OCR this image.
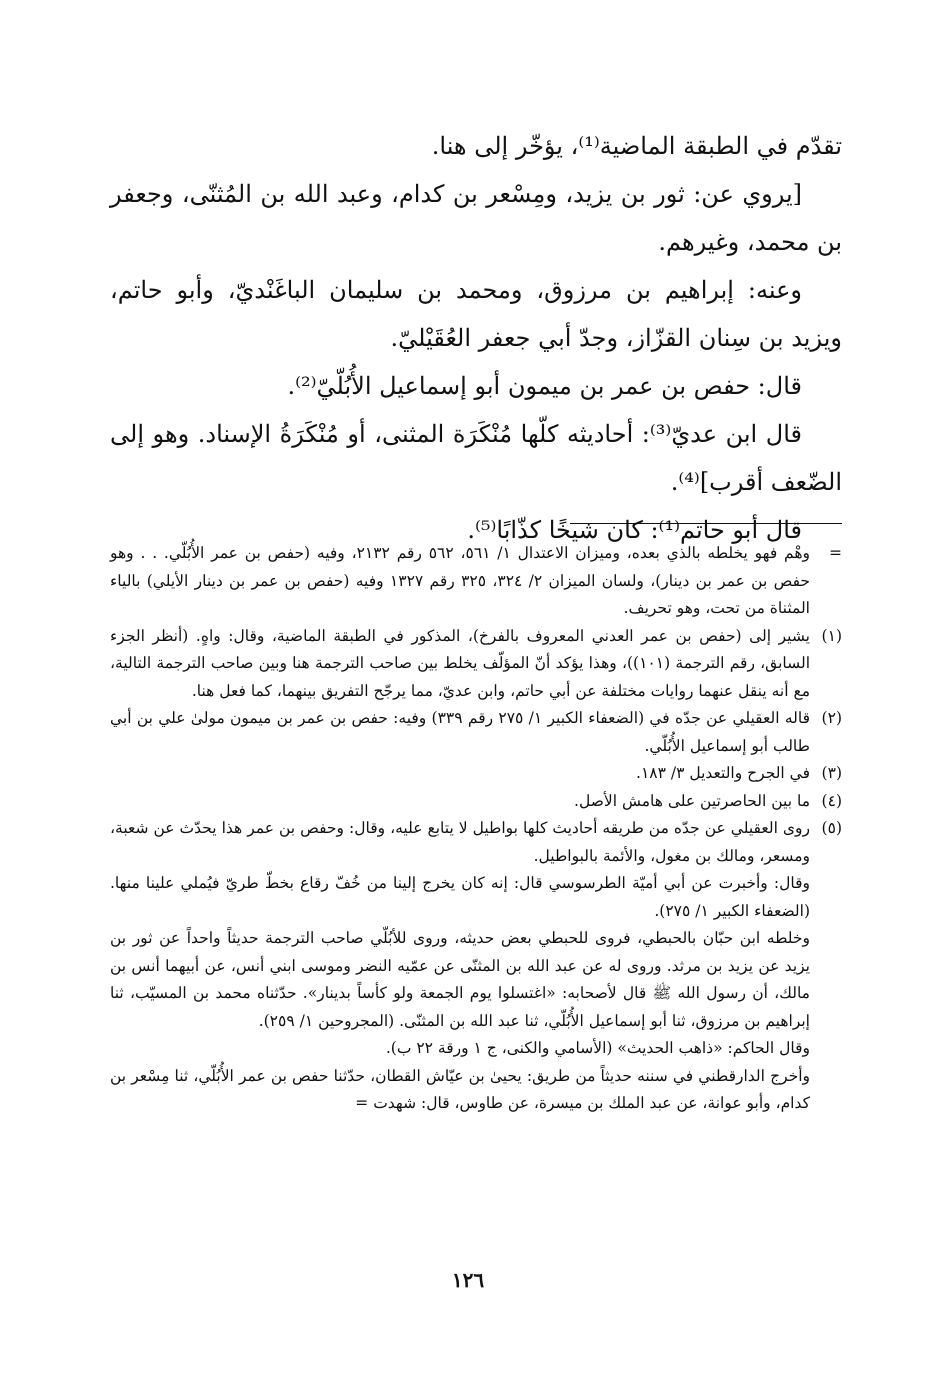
تقدّم في الطبقة الماضية⁽¹⁾، يؤخّر إلى هنا.

[يروي عن: ثور بن يزيد، ومِسْعر بن كدام، وعبد الله بن المُثنّى، وجعفر بن محمد، وغيرهم.

وعنه: إبراهيم بن مرزوق، ومحمد بن سليمان الباغَنْديّ، وأبو حاتم، ويزيد بن سِنان القزّاز، وجدّ أبي جعفر العُقَيْليّ.

قال: حفص بن عمر بن ميمون أبو إسماعيل الأُبُلّيّ⁽²⁾.

قال ابن عديّ⁽³⁾: أحاديثه كلّها مُنْكَرَة المثنى، أو مُنْكَرَةُ الإسناد. وهو إلى الضّعف أقرب]⁽⁴⁾.

قال أبو حاتم⁽¹⁾: كان شيخًا كذّابًا⁽⁵⁾.

=

وهْم فهو يخلطه بالذي بعده، وميزان الاعتدال ١/ ٥٦١، ٥٦٢ رقم ٢١٣٢، وفيه (حفص بن عمر الأُبُلّي. . . وهو حفص بن عمر بن دينار)، ولسان الميزان ٢/ ٣٢٤، ٣٢٥ رقم ١٣٢٧ وفيه (حفص بن عمر بن دينار الأيلي) بالياء المثناة من تحت، وهو تحريف.

(١)

يشير إلى (حفص بن عمر العدني المعروف بالفرخ)، المذكور في الطبقة الماضية، وقال: واهٍ. (أنظر الجزء السابق، رقم الترجمة (١٠١))، وهذا يؤكد أنّ المؤلّف يخلط بين صاحب الترجمة هنا وبين صاحب الترجمة التالية، مع أنه ينقل عنهما روايات مختلفة عن أبي حاتم، وابن عديّ، مما يرجّح التفريق بينهما، كما فعل هنا.

(٢)

قاله العقيلي عن جدّه في (الضعفاء الكبير ١/ ٢٧٥ رقم ٣٣٩) وفيه: حفص بن عمر بن ميمون مولىٰ علي بن أبي طالب أبو إسماعيل الأُبُلّي.

(٣)

في الجرح والتعديل ٣/ ١٨٣.

(٤)

ما بين الحاصرتين على هامش الأصل.

(٥)

روى العقيلي عن جدّه من طريقه أحاديث كلها بواطيل لا يتابع عليه، وقال: وحفص بن عمر هذا يحدّث عن شعبة، ومسعر، ومالك بن مغول، والأئمة بالبواطيل.

وقال: وأخبرت عن أبي أميّة الطرسوسي قال: إنه كان يخرج إلينا من خُفّ رقاع بخطّ طريّ فيُملي علينا منها. (الضعفاء الكبير ١/ ٢٧٥).

وخلطه ابن حبّان بالحبطي، فروى للحبطي بعض حديثه، وروى للأبُلّي صاحب الترجمة حديثاً واحداً عن ثور بن يزيد عن يزيد بن مرثد. وروى له عن عبد الله بن المثنّى عن عمّيه النضر وموسى ابني أنس، عن أبيهما أنس بن مالك، أن رسول الله ﷺ قال لأصحابه: «اغتسلوا يوم الجمعة ولو كأساً بدينار». حدّثناه محمد بن المسيّب، ثنا إبراهيم بن مرزوق، ثنا أبو إسماعيل الأُبُلّي، ثنا عبد الله بن المثنّى. (المجروحين ١/ ٢٥٩).

وقال الحاكم: «ذاهب الحديث» (الأسامي والكنى، ج ١ ورقة ٢٢ ب).

وأخرج الدارقطني في سننه حديثاً من طريق: يحيىٰ بن عيّاش القطان، حدّثنا حفص بن عمر الأُبُلّي، ثنا مِسْعر بن كدام، وأبو عوانة، عن عبد الملك بن ميسرة، عن طاوس، قال: شهدت =

١٢٦
